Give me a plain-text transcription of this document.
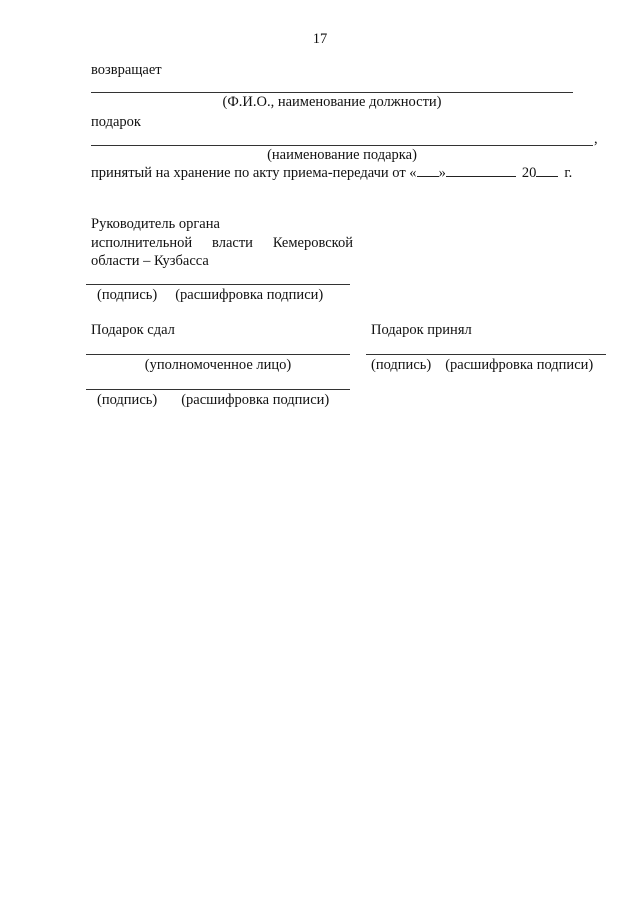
17
возвращает
(Ф.И.О., наименование должности)
подарок
,
(наименование подарка)
принятый на хранение по акту приема-передачи от « »	20 г.
Руководитель органа
исполнительной власти Кемеровской
области – Кузбасса
(подпись) (расшифровка подписи)
Подарок сдал	Подарок принял
(уполномоченное лицо)	(подпись) (расшифровка подписи)
(подпись) (расшифровка подписи)
